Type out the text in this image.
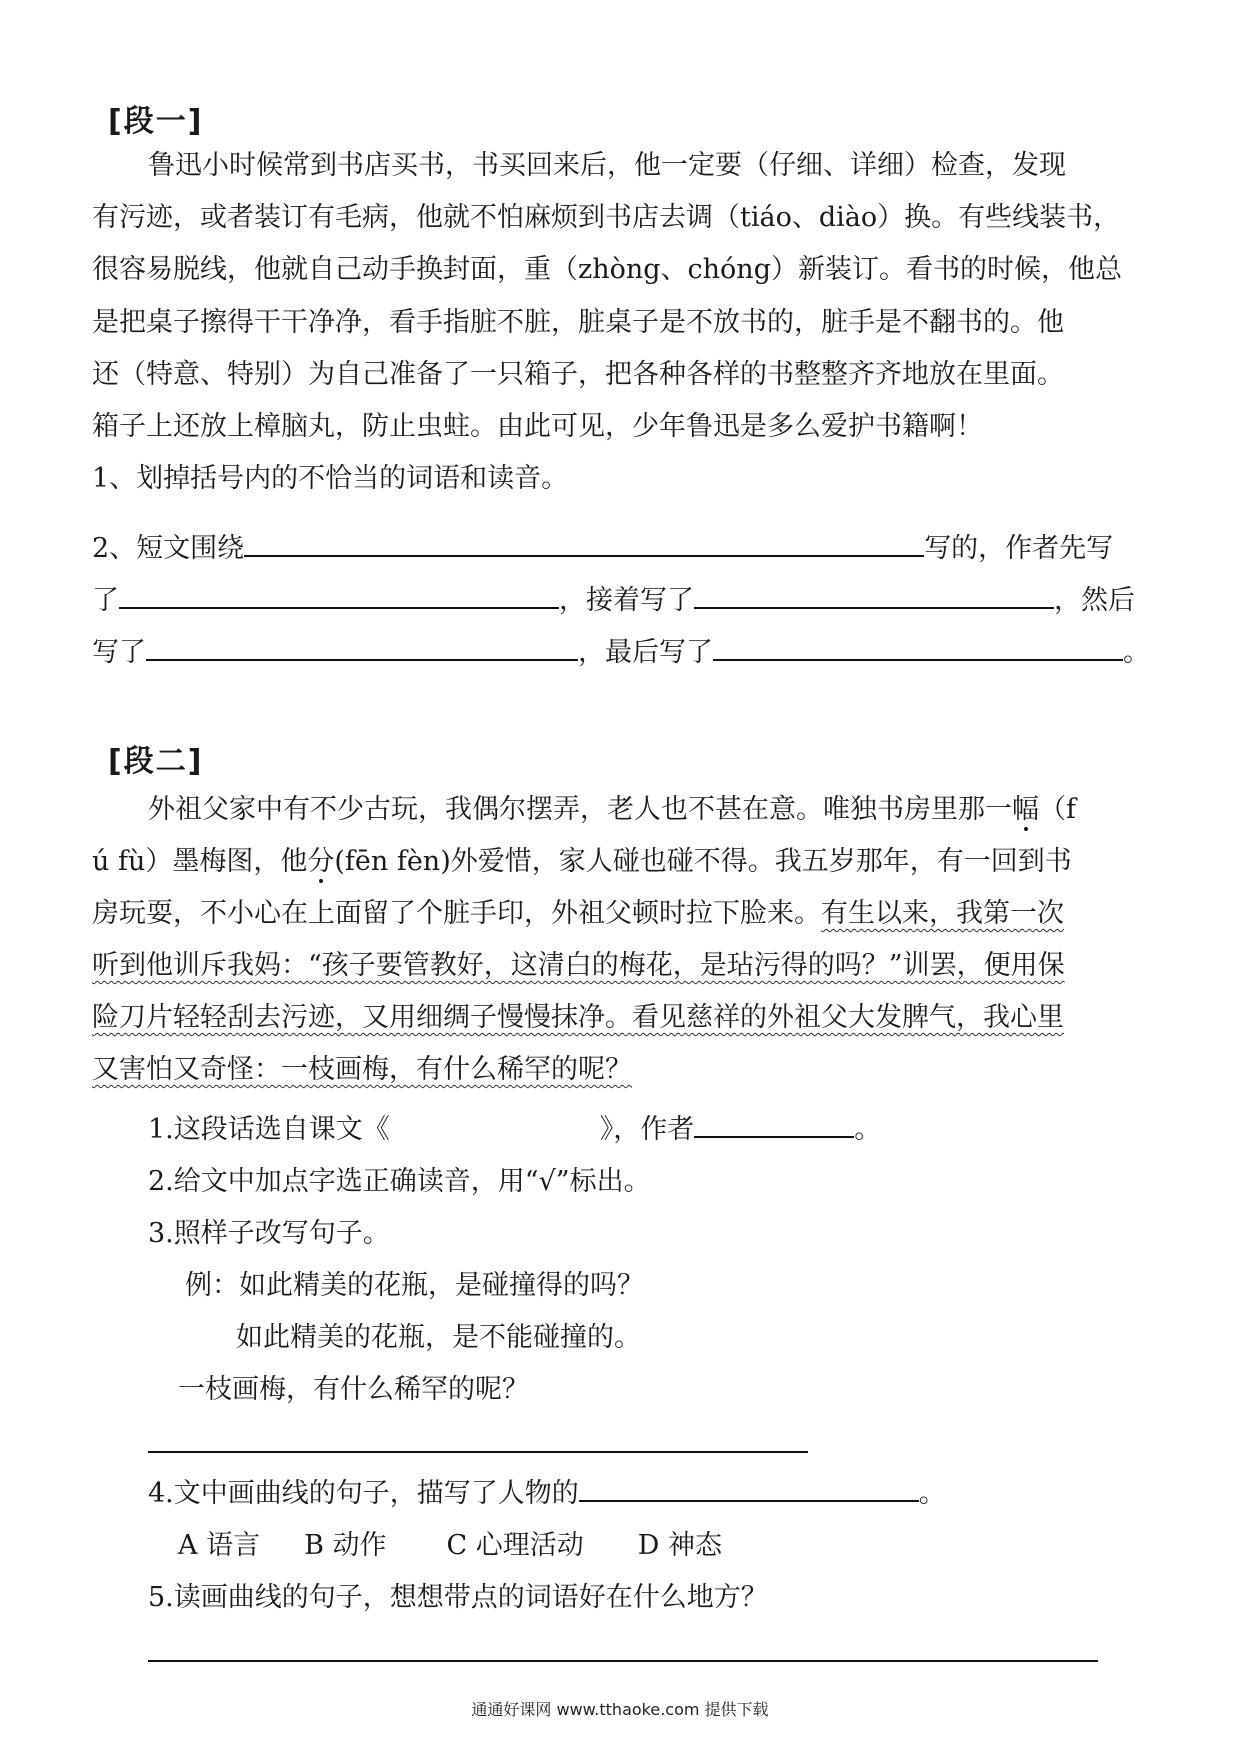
[段一]
鲁迅小时候常到书店买书，书买回来后，他一定要（仔细、详细）检查，发现
有污迹，或者装订有毛病，他就不怕麻烦到书店去调（tiáo、diào）换。有些线装书，
很容易脱线，他就自己动手换封面，重（zhòng、chóng）新装订。看书的时候，他总
是把桌子擦得干干净净，看手指脏不脏，脏桌子是不放书的，脏手是不翻书的。他
还（特意、特别）为自己准备了一只箱子，把各种各样的书整整齐齐地放在里面。
箱子上还放上樟脑丸，防止虫蛀。由此可见，少年鲁迅是多么爱护书籍啊！
1、划掉括号内的不恰当的词语和读音。
2、短文围绕	写的，作者先写
了	，接着写了	，然后
写了	，最后写了	。
[段二]
外祖父家中有不少古玩，我偶尔摆弄，老人也不甚在意。唯独书房里那一幅（f
ú fù）墨梅图，他分(fēn fèn)外爱惜，家人碰也碰不得。我五岁那年，有一回到书
房玩耍，不小心在上面留了个脏手印，外祖父顿时拉下脸来。有生以来，我第一次
听到他训斥我妈：“孩子要管教好，这清白的梅花，是玷污得的吗？”训罢，便用保
险刀片轻轻刮去污迹，又用细绸子慢慢抹净。看见慈祥的外祖父大发脾气，我心里
又害怕又奇怪：一枝画梅，有什么稀罕的呢？
1.这段话选自课文《	》，作者	。
2.给文中加点字选正确读音，用“√”标出。
3.照样子改写句子。
例：如此精美的花瓶，是碰撞得的吗？
如此精美的花瓶，是不能碰撞的。
一枝画梅，有什么稀罕的呢？
4.文中画曲线的句子，描写了人物的	。
A 语言 B 动作 C 心理活动 D 神态
5.读画曲线的句子，想想带点的词语好在什么地方？
通通好课网 www.tthaoke.com 提供下载
